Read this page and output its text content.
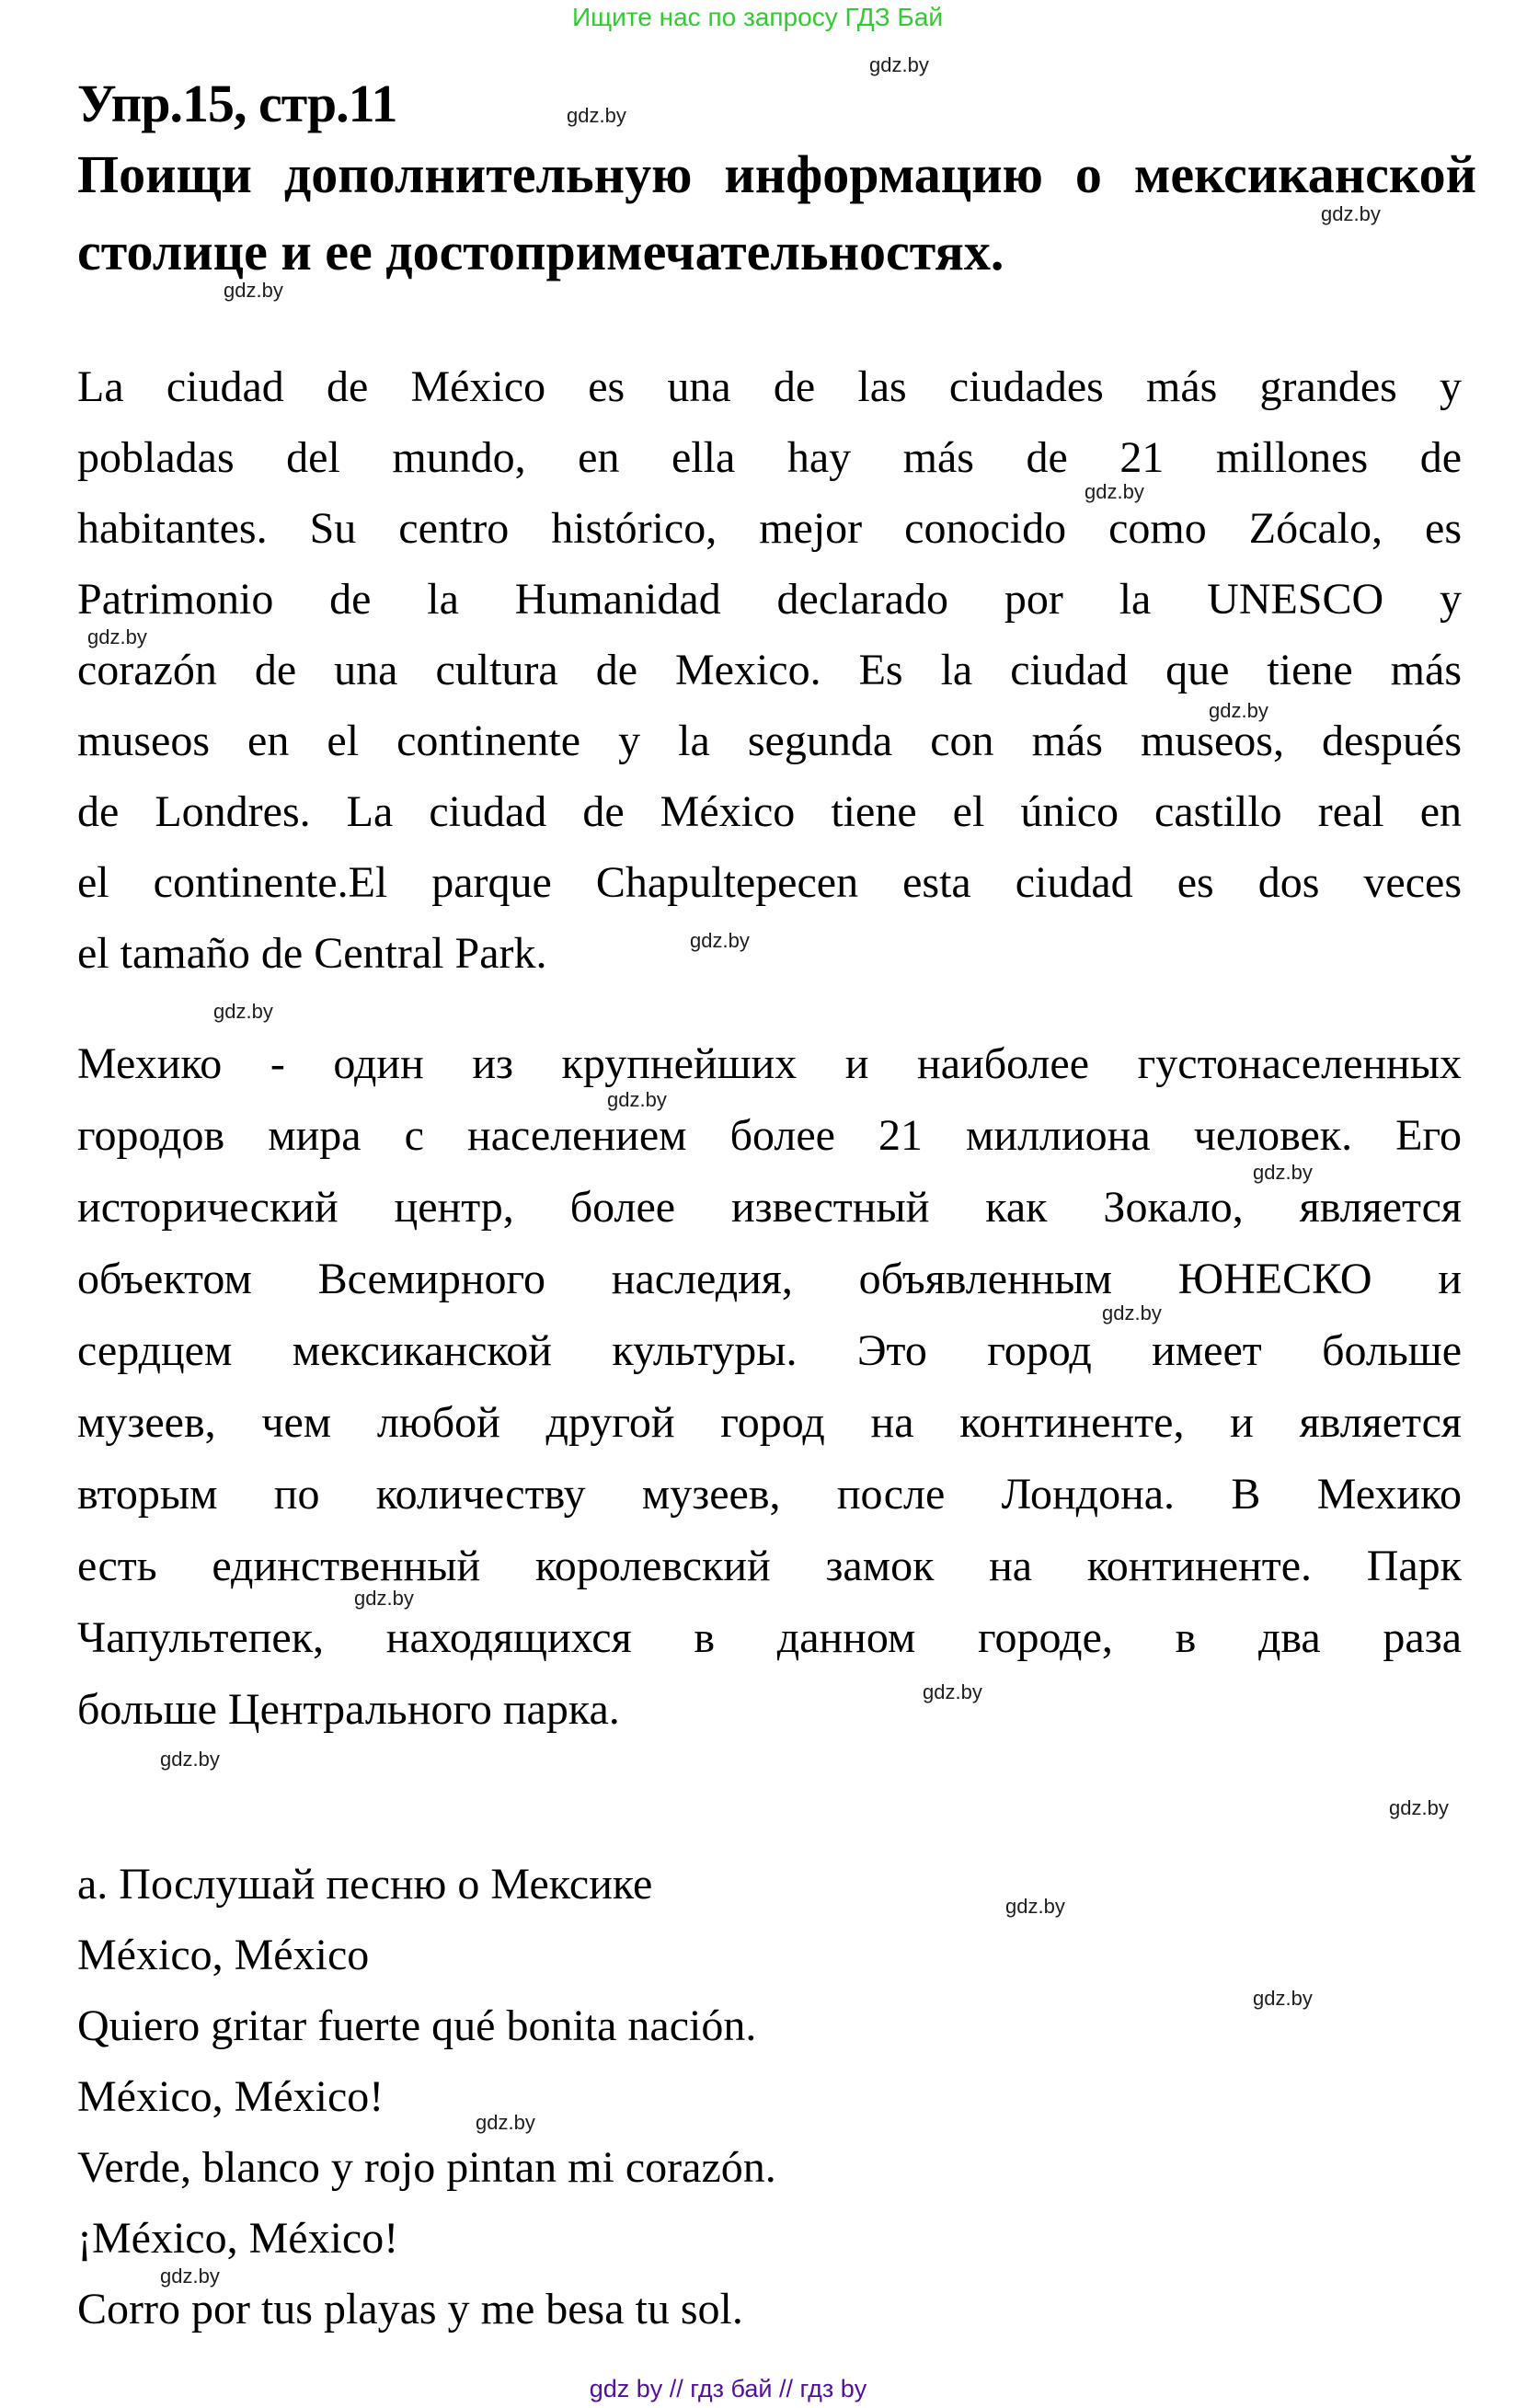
Ищите нас по запросу ГДЗ Бай
gdz.by
gdz.by
gdz.by
gdz.by
gdz.by
gdz.by
gdz.by
gdz.by
gdz.by
gdz.by
gdz.by
gdz.by
gdz.by
gdz.by
gdz.by
gdz.by
gdz.by
gdz.by
gdz.by
gdz.by
Упр.15, стр.11
Поищи дополнительную информацию о мексиканской
столице и ее достопримечательностях.
La ciudad de México es una de las ciudades más grandes y
pobladas del mundo, en ella hay más de 21 millones de
habitantes. Su centro histórico, mejor conocido como Zócalo, es
Patrimonio de la Humanidad declarado por la UNESCO y
corazón de una cultura de Mexico. Es la ciudad que tiene más
museos en el continente y la segunda con más museos, después
de Londres. La ciudad de México tiene el único castillo real en
el continente.El parque Chapultepecen esta ciudad es dos veces
el tamaño de Central Park.
Мехико - один из крупнейших и наиболее густонаселенных
городов мира с населением более 21 миллиона человек. Его
исторический центр, более известный как Зокало, является
объектом Всемирного наследия, объявленным ЮНЕСКО и
сердцем мексиканской культуры. Это город имеет больше
музеев, чем любой другой город на континенте, и является
вторым по количеству музеев, после Лондона. В Мехико
есть единственный королевский замок на континенте. Парк
Чапультепек, находящихся в данном городе, в два раза
больше Центрального парка.
a. Послушай песню о Мексике
México, México
Quiero gritar fuerte qué bonita nación.
México, México!
Verde, blanco y rojo pintan mi corazón.
¡México, México!
Corro por tus playas y me besa tu sol.
gdz by // гдз бай // гдз by
